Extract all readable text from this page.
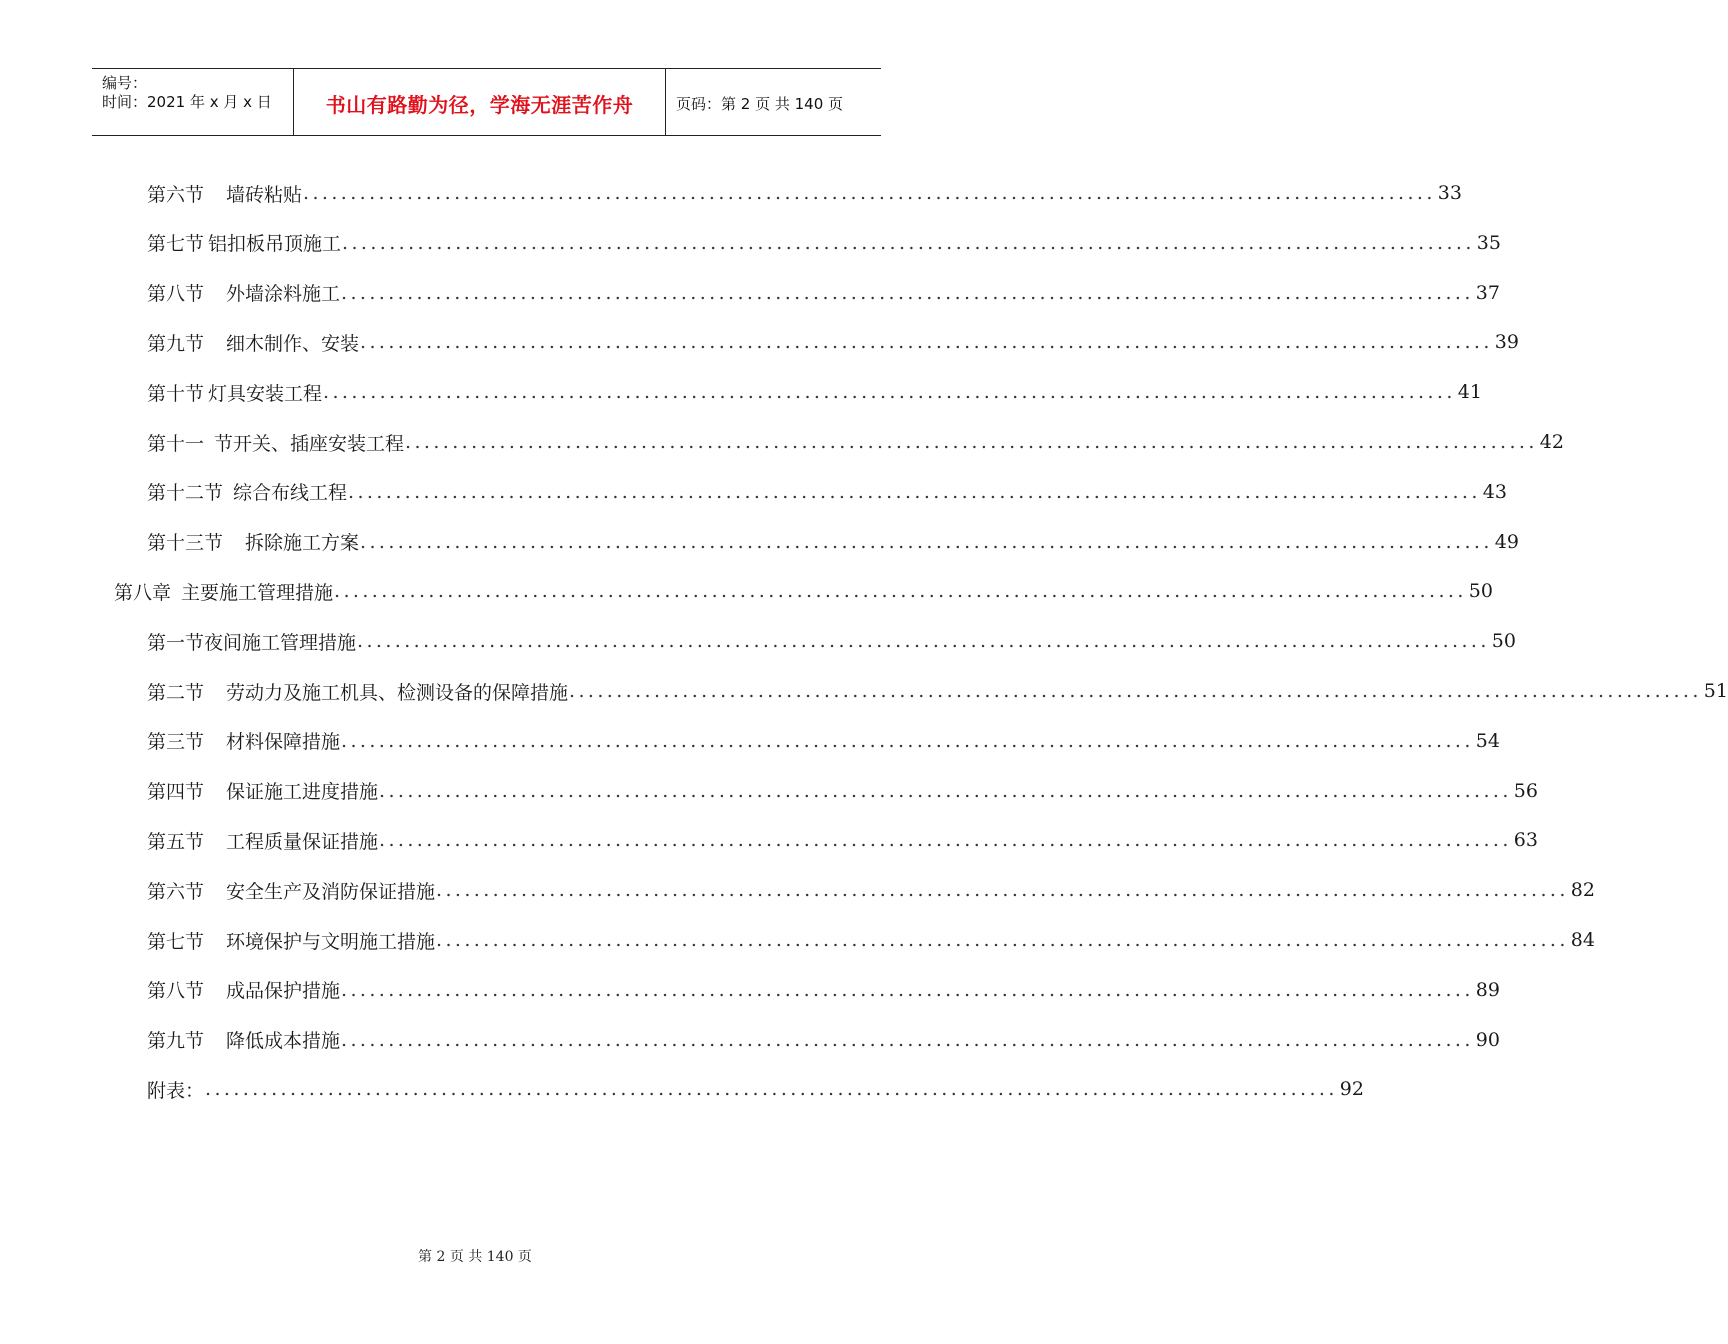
编号：
时间：2021 年 x 月 x 日	书山有路勤为径，学海无涯苦作舟	页码：第 2 页 共 140 页
第六节 墙砖粘贴 ........................................................................................................................ 33
第七节 铝扣板吊顶施工 ........................................................................................................................ 35
第八节 外墙涂料施工 ........................................................................................................................ 37
第九节 细木制作、安装 ........................................................................................................................ 39
第十节 灯具安装工程 ........................................................................................................................ 41
第十一 节开关、插座安装工程 ........................................................................................................................ 42
第十二节 综合布线工程 ........................................................................................................................ 43
第十三节 拆除施工方案 ........................................................................................................................ 49
第八章 主要施工管理措施 ........................................................................................................................ 50
第一节 夜间施工管理措施 ........................................................................................................................ 50
第二节 劳动力及施工机具、检测设备的保障措施 ........................................................................................................................ 51
第三节 材料保障措施 ........................................................................................................................ 54
第四节 保证施工进度措施 ........................................................................................................................ 56
第五节 工程质量保证措施 ........................................................................................................................ 63
第六节 安全生产及消防保证措施 ........................................................................................................................ 82
第七节 环境保护与文明施工措施 ........................................................................................................................ 84
第八节 成品保护措施 ........................................................................................................................ 89
第九节 降低成本措施 ........................................................................................................................ 90
附表： ........................................................................................................................ 92
第 2 页 共 140 页
